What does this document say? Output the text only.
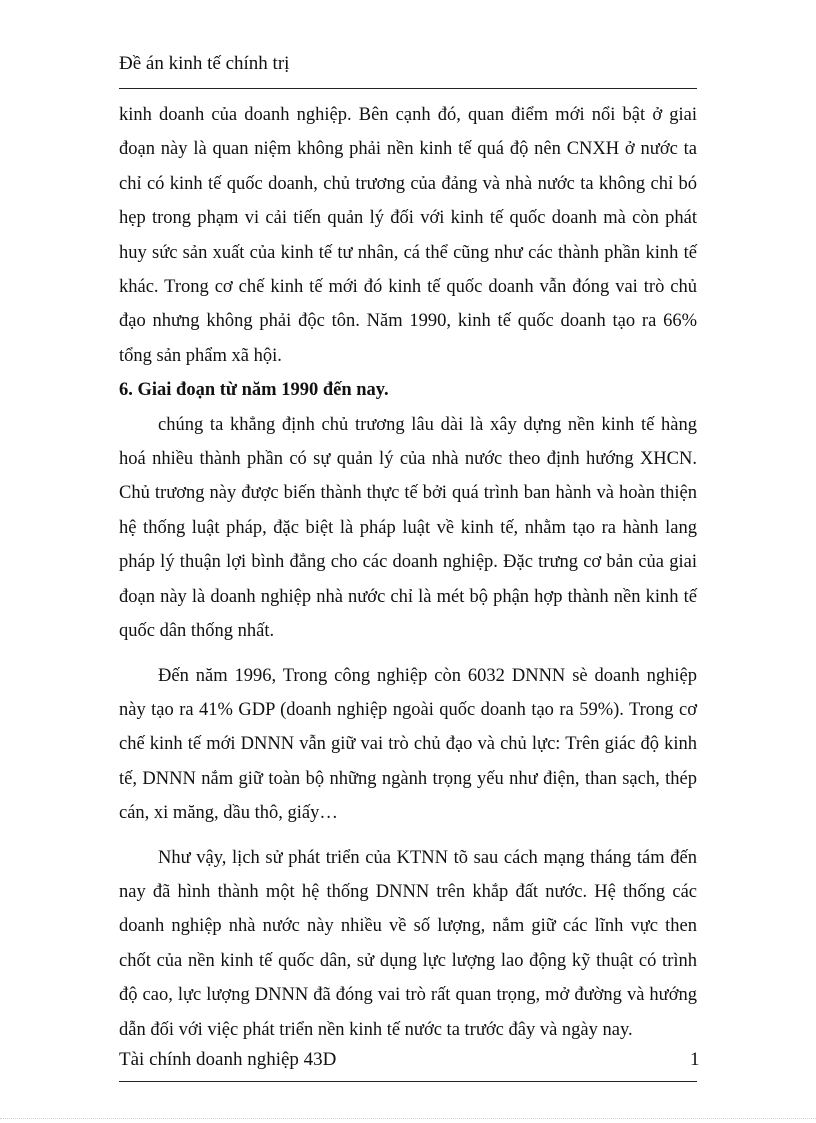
Đề án kinh tế chính trị

kinh doanh của doanh nghiệp. Bên cạnh đó, quan điểm mới nổi bật ở giai đoạn này là quan niệm không phải nền kinh tế quá độ nên CNXH ở nước ta chỉ có kinh tế quốc doanh, chủ trương của đảng và nhà nước ta không chỉ bó hẹp trong phạm vi cải tiến quản lý đối với kinh tế quốc doanh mà còn phát huy sức sản xuất của kinh tế tư nhân, cá thể cũng như các thành phần kinh tế khác. Trong cơ chế kinh tế mới đó kinh tế quốc doanh vẫn đóng vai trò chủ đạo nhưng không phải độc tôn. Năm 1990, kinh tế quốc doanh tạo ra 66% tổng sản phẩm xã hội.

6. Giai đoạn từ năm 1990 đến nay.

chúng ta khẳng định chủ trương lâu dài là xây dựng nền kinh tế hàng hoá nhiều thành phần có sự quản lý của nhà nước theo định hướng XHCN. Chủ trương này được biến thành thực tế bởi quá trình ban hành và hoàn thiện hệ thống luật pháp, đặc biệt là pháp luật về kinh tế, nhằm tạo ra hành lang pháp lý thuận lợi bình đẳng cho các doanh nghiệp. Đặc trưng cơ bản của giai đoạn này là doanh nghiệp nhà nước chỉ là mét bộ phận hợp thành nền kinh tế quốc dân thống nhất.

Đến năm 1996, Trong công nghiệp còn 6032 DNNN sè doanh nghiệp này tạo ra 41% GDP (doanh nghiệp ngoài quốc doanh tạo ra 59%). Trong cơ chế kinh tế mới DNNN vẫn giữ vai trò chủ đạo và chủ lực: Trên giác độ kinh tế, DNNN nắm giữ toàn bộ những ngành trọng yếu như điện, than sạch, thép cán, xi măng, dầu thô, giấy…

Như vậy, lịch sử phát triển của KTNN tõ sau cách mạng tháng tám đến nay đã hình thành một hệ thống DNNN trên khắp đất nước. Hệ thống các doanh nghiệp nhà nước này nhiều về số lượng, nắm giữ các lĩnh vực then chốt của nền kinh tế quốc dân, sử dụng lực lượng lao động kỹ thuật có trình độ cao, lực lượng DNNN đã đóng vai trò rất quan trọng, mở đường và hướng dẫn đối với việc phát triển nền kinh tế nước ta trước đây và ngày nay.

Tài chính doanh nghiệp 43D	1
